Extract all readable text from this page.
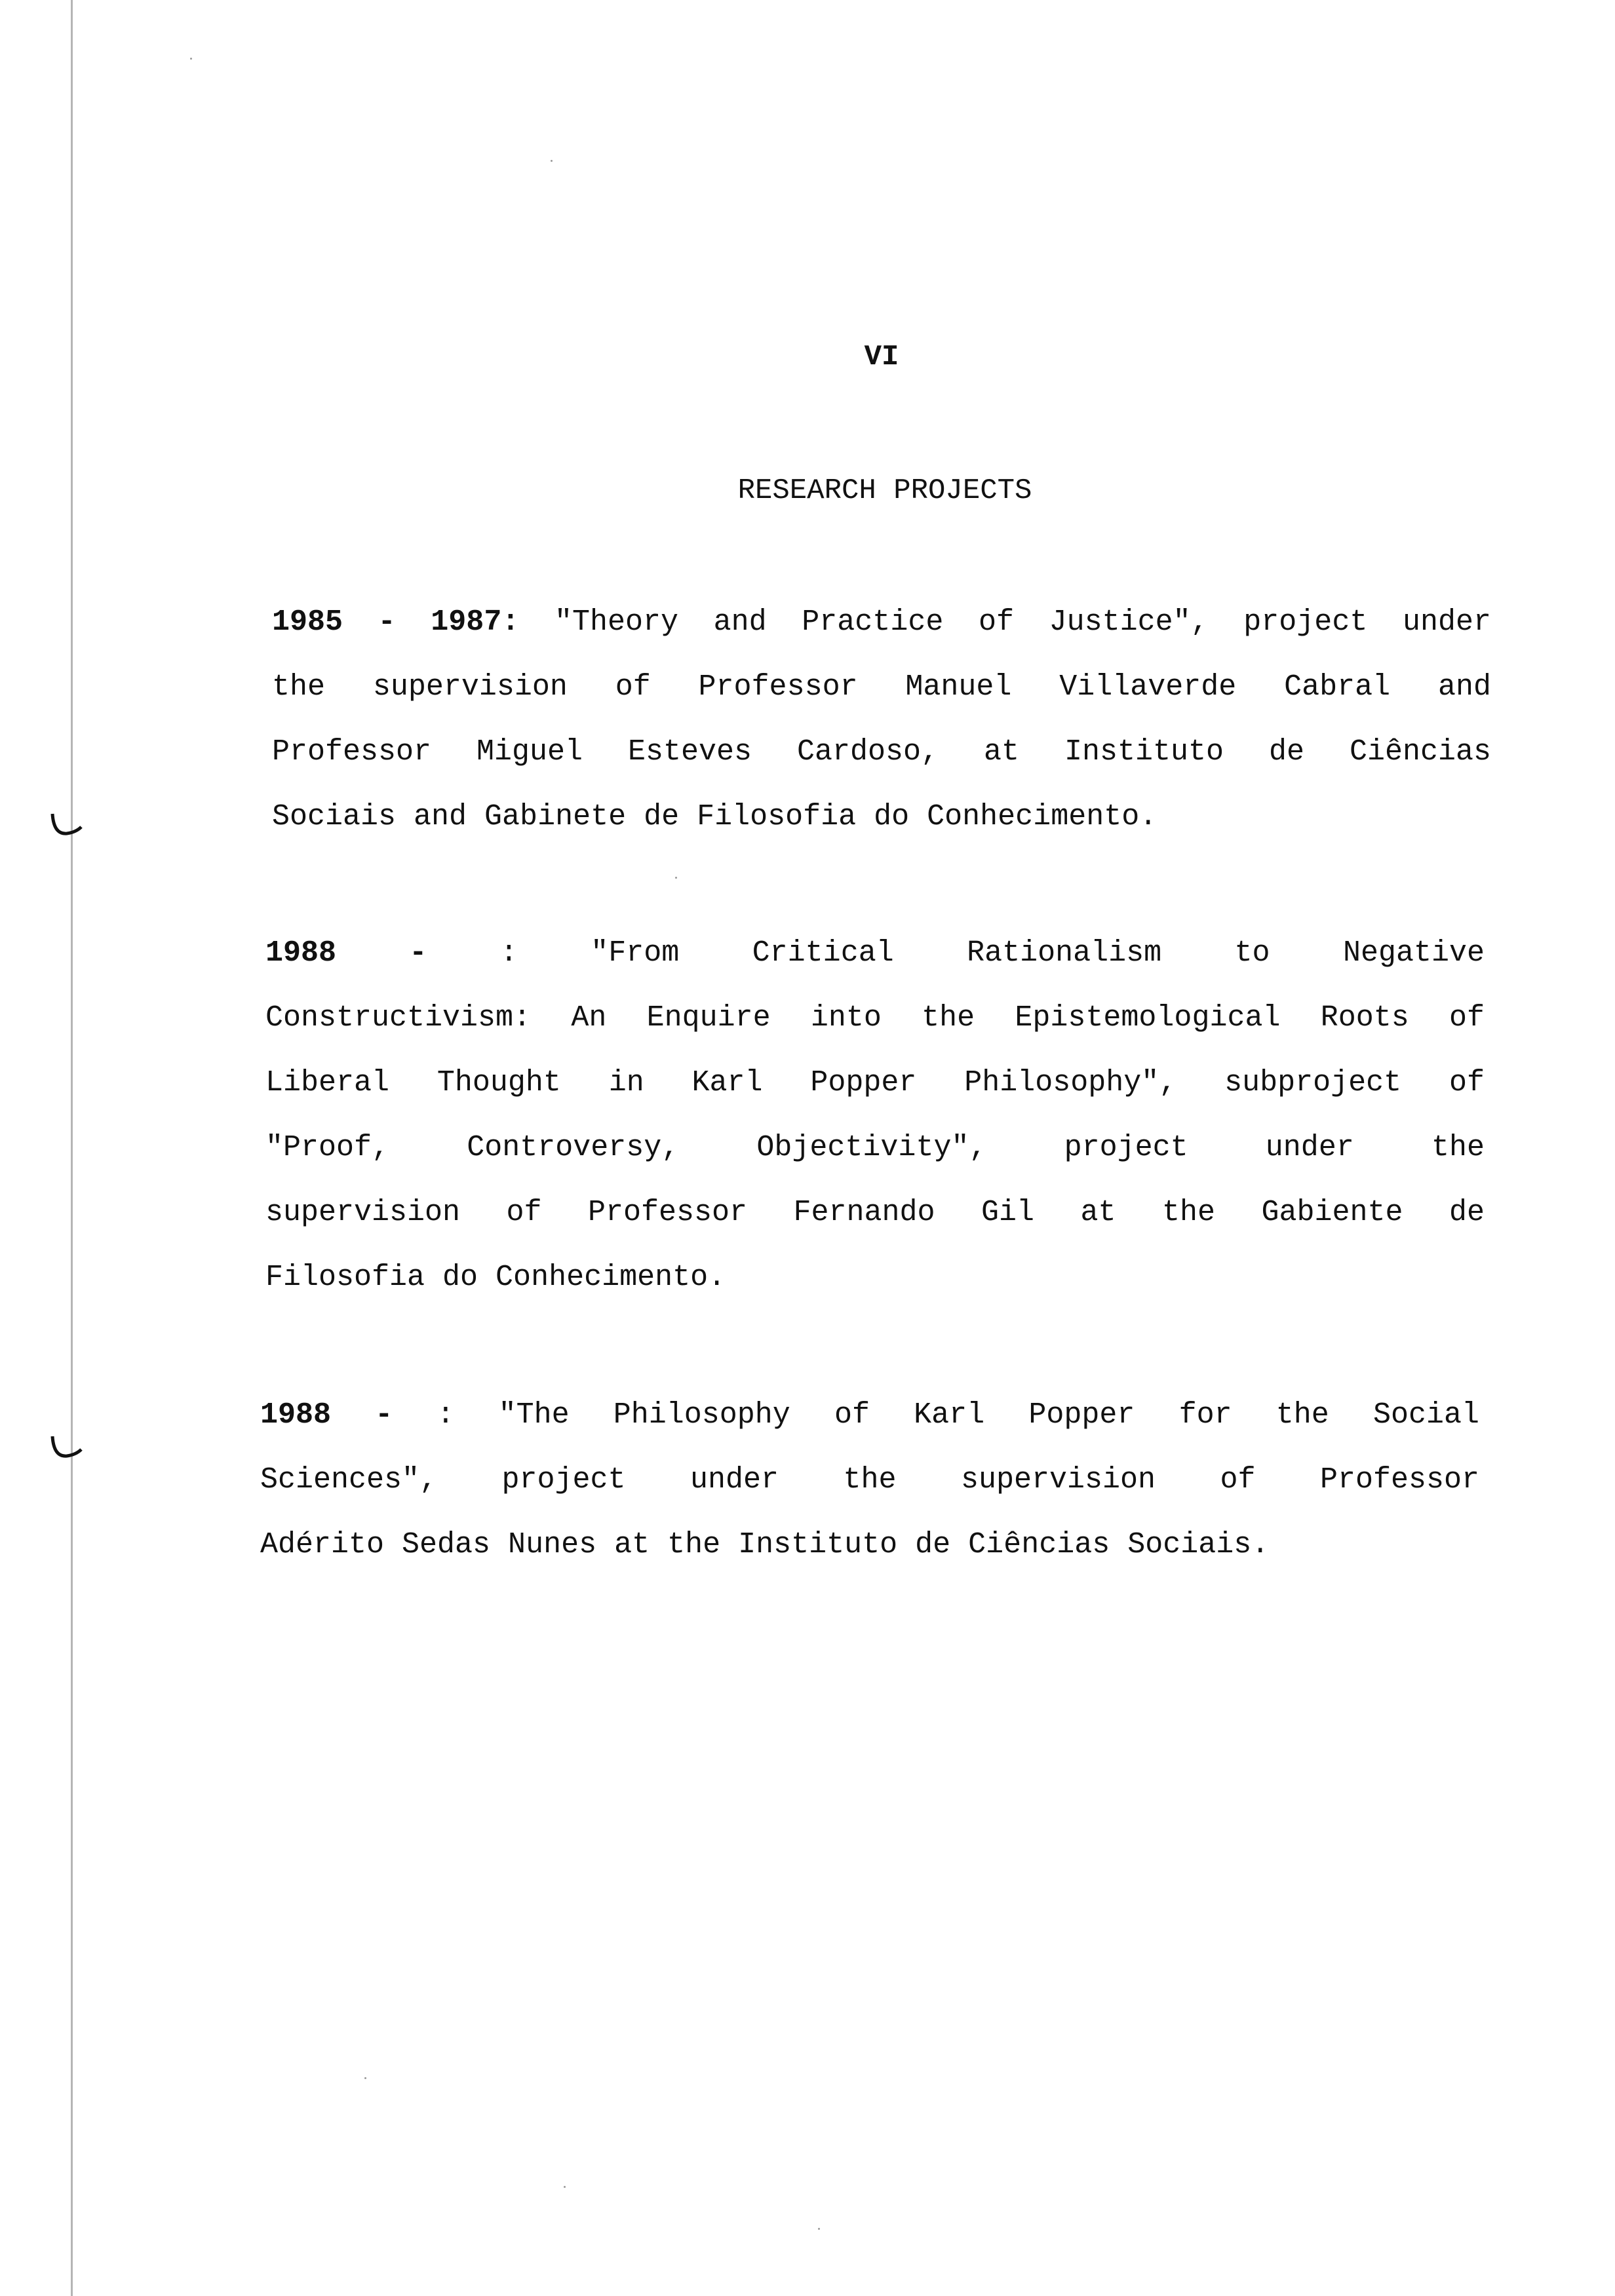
VI
RESEARCH PROJECTS
1985 - 1987: "Theory and Practice of Justice", project under
the supervision of Professor Manuel Villaverde Cabral and
Professor Miguel Esteves Cardoso, at Instituto de Ciências
Sociais and Gabinete de Filosofia do Conhecimento.
1988 - : "From Critical Rationalism to Negative
Constructivism: An Enquire into the Epistemological Roots of
Liberal Thought in Karl Popper Philosophy", subproject of
"Proof, Controversy, Objectivity", project under the
supervision of Professor Fernando Gil at the Gabiente de
Filosofia do Conhecimento.
1988 - : "The Philosophy of Karl Popper for the Social
Sciences", project under the supervision of Professor
Adérito Sedas Nunes at the Instituto de Ciências Sociais.
